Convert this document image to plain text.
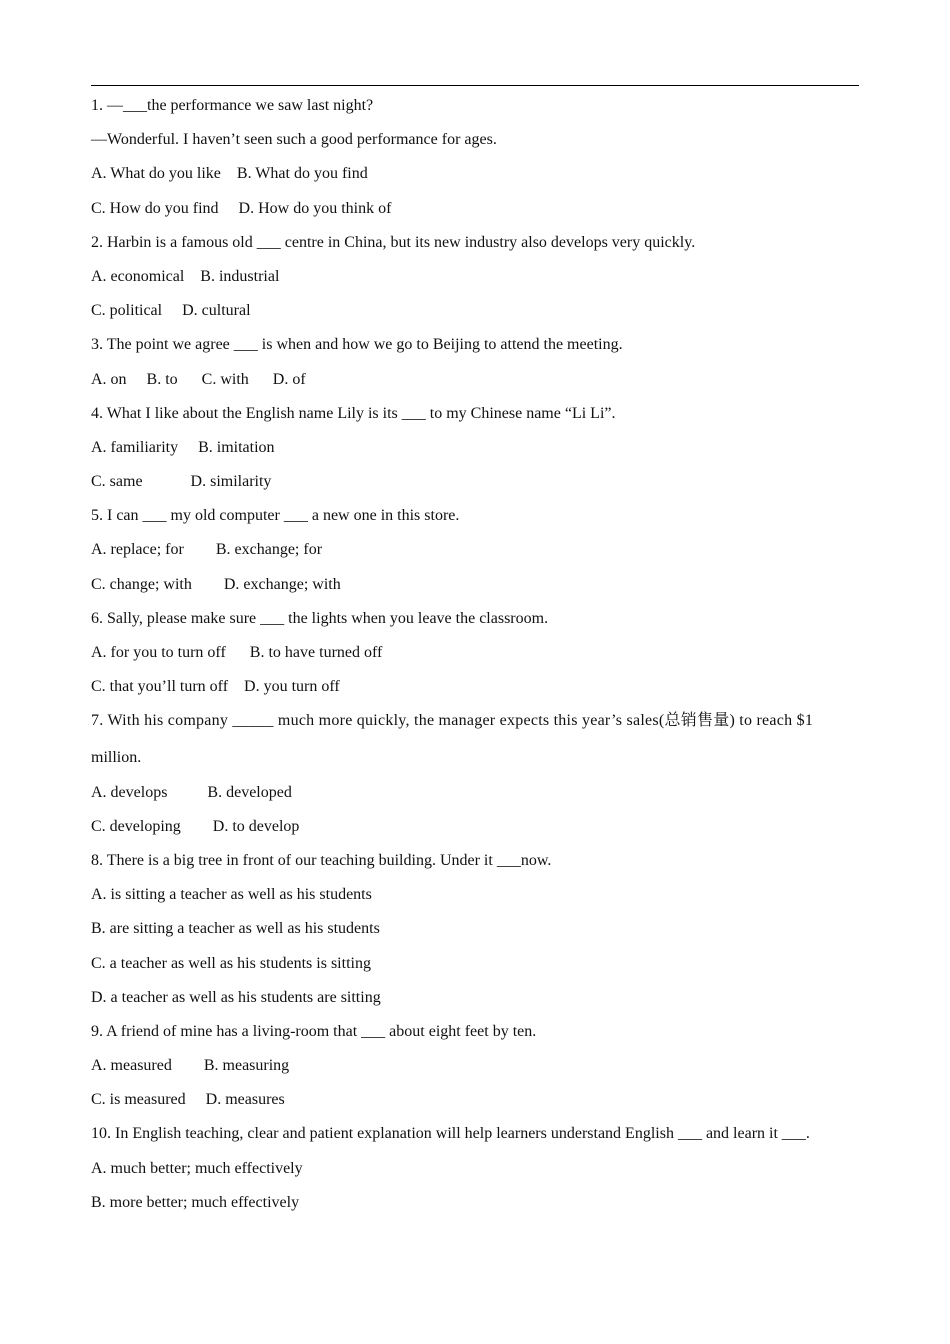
1. —___the performance we saw last night?
—Wonderful. I haven’t seen such a good performance for ages.
A. What do you like    B. What do you find
C. How do you find     D. How do you think of
2. Harbin is a famous old ___ centre in China, but its new industry also develops very quickly.
A. economical    B. industrial
C. political     D. cultural
3. The point we agree ___ is when and how we go to Beijing to attend the meeting.
A. on     B. to      C. with      D. of
4. What I like about the English name Lily is its ___ to my Chinese name “Li Li”.
A. familiarity     B. imitation
C. same            D. similarity
5. I can ___ my old computer ___ a new one in this store.
A. replace; for        B. exchange; for
C. change; with        D. exchange; with
6. Sally, please make sure ___ the lights when you leave the classroom.
A. for you to turn off      B. to have turned off
C. that you’ll turn off    D. you turn off
7. With his company _____ much more quickly, the manager expects this year’s sales(总销售量) to reach $1
million.
A. develops          B. developed
C. developing        D. to develop
8. There is a big tree in front of our teaching building. Under it ___now.
A. is sitting a teacher as well as his students
B. are sitting a teacher as well as his students
C. a teacher as well as his students is sitting
D. a teacher as well as his students are sitting
9. A friend of mine has a living-room that ___ about eight feet by ten.
A. measured        B. measuring
C. is measured     D. measures
10. In English teaching, clear and patient explanation will help learners understand English ___ and learn it ___.
A. much better; much effectively
B. more better; much effectively
